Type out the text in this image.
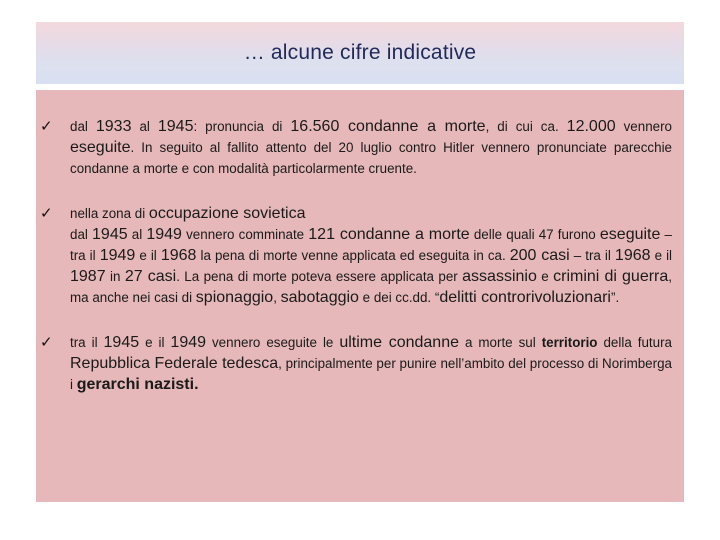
… alcune cifre indicative
✓ dal 1933 al 1945: pronuncia di 16.560 condanne a morte, di cui ca. 12.000 vennero eseguite. In seguito al fallito attento del 20 luglio contro Hitler vennero pronunciate parecchie condanne a morte e con modalità particolarmente cruente.

✓ nella zona di occupazione sovietica
dal 1945 al 1949 vennero comminate 121 condanne a morte delle quali 47 furono eseguite – tra il 1949 e il 1968 la pena di morte venne applicata ed eseguita in ca. 200 casi – tra il 1968 e il 1987 in 27 casi. La pena di morte poteva essere applicata per assassinio e crimini di guerra, ma anche nei casi di spionaggio, sabotaggio e dei cc.dd. “delitti controrivoluzionari”.

✓ tra il 1945 e il 1949 vennero eseguite le ultime condanne a morte sul territorio della futura Repubblica Federale tedesca, principalmente per punire nell’ambito del processo di Norimberga i gerarchi nazisti.
